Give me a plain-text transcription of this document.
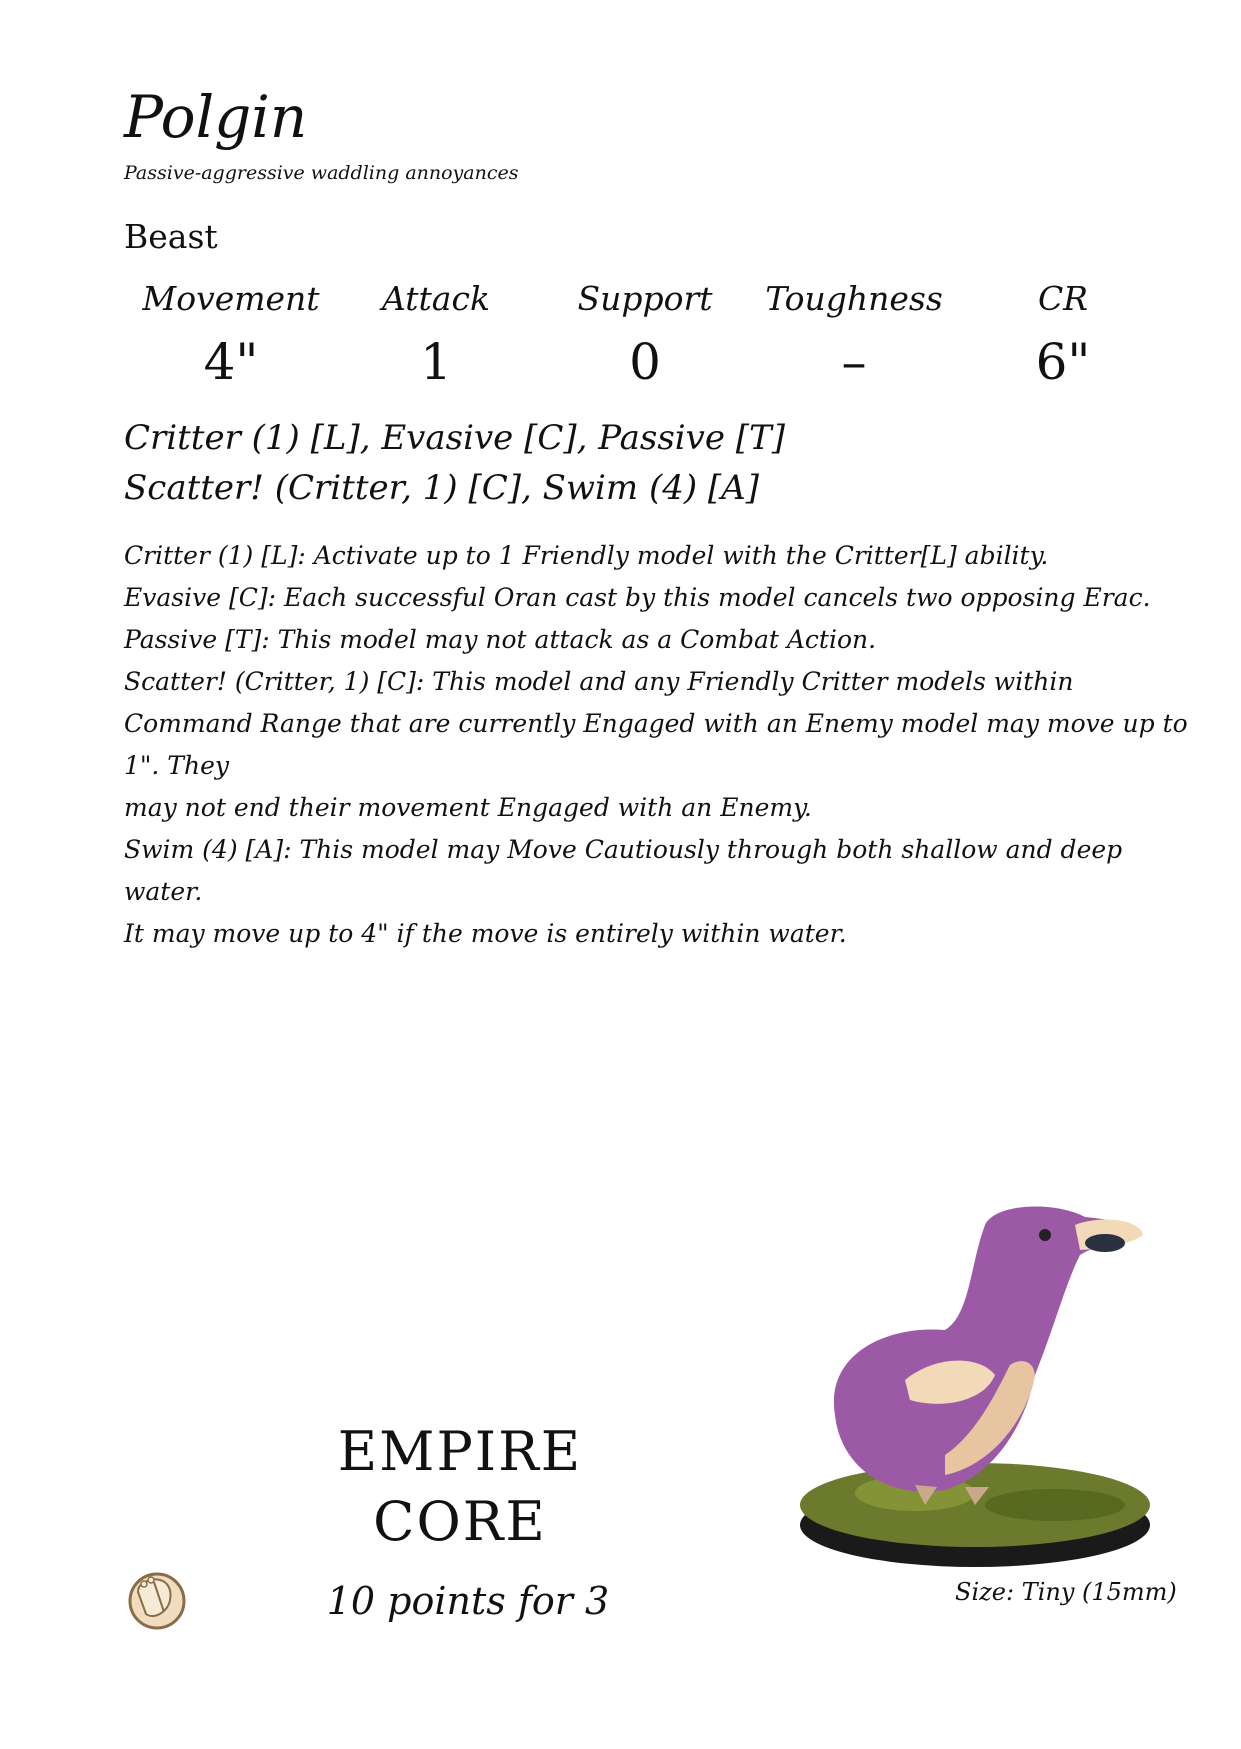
Polgin
Passive-aggressive waddling annoyances
Beast
Movement
4"
Attack
1
Support
0
Toughness
–
CR
6"
Critter (1) [L], Evasive [C], Passive [T]
Scatter! (Critter, 1) [C], Swim (4) [A]

Critter (1) [L]: Activate up to 1 Friendly model with the Critter[L] ability.

Evasive [C]: Each successful Oran cast by this model cancels two opposing Erac.

Passive [T]: This model may not attack as a Combat Action.

Scatter! (Critter, 1) [C]: This model and any Friendly Critter models within

Command Range that are currently Engaged with an Enemy model may move up to 1". They

may not end their movement Engaged with an Enemy.

Swim (4) [A]: This model may Move Cautiously through both shallow and deep water.

It may move up to 4" if the move is entirely within water.

EMPIRE
CORE
10 points for 3	Size: Tiny (15mm)
